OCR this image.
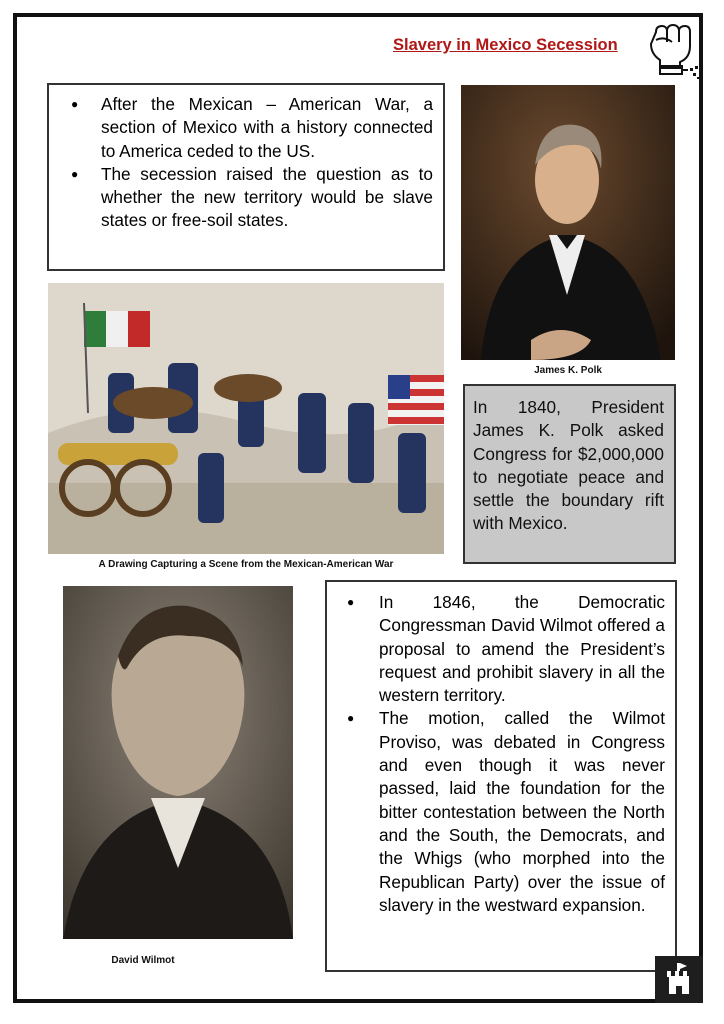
Slavery in Mexico Secession
● After the Mexican – American War, a section of Mexico with a history connected to America ceded to the US.
● The secession raised the question as to whether the new territory would be slave states or free-soil states.
James K. Polk
A Drawing Capturing a Scene from the Mexican-American War

In 1840, President James K. Polk asked Congress for $2,000,000 to negotiate peace and settle the boundary rift with Mexico.

David Wilmot
● In 1846, the Democratic Congressman David Wilmot offered a proposal to amend the President’s request and prohibit slavery in all the western territory.
● The motion, called the Wilmot Proviso, was debated in Congress and even though it was never passed, laid the foundation for the bitter contestation between the North and the South, the Democrats, and the Whigs (who morphed into the Republican Party) over the issue of slavery in the westward expansion.
